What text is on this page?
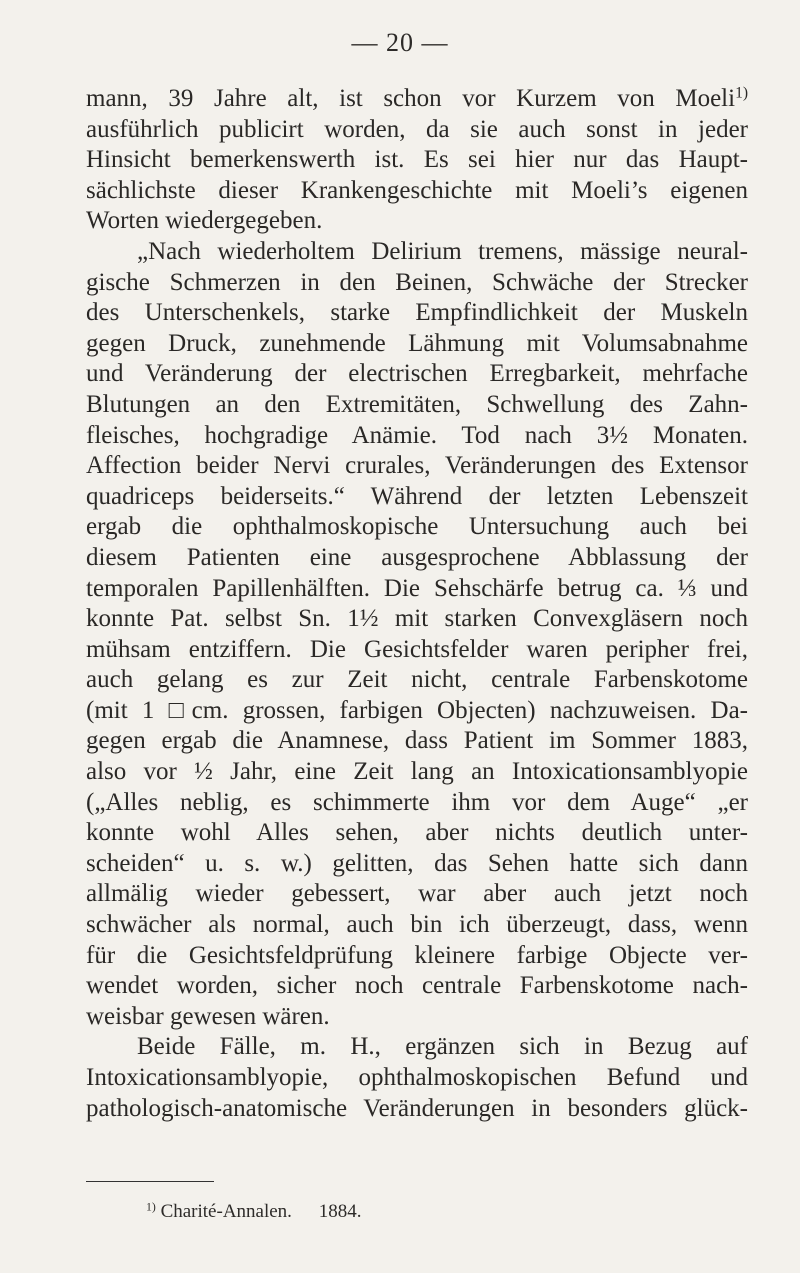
— 20 —
mann, 39 Jahre alt, ist schon vor Kurzem von Moeli$^{1)}$
ausführlich publicirt worden, da sie auch sonst in jeder
Hinsicht bemerkenswerth ist. Es sei hier nur das Haupt-
sächlichste dieser Krankengeschichte mit Moeli’s eigenen
Worten wiedergegeben.
„Nach wiederholtem Delirium tremens, mässige neural-
gische Schmerzen in den Beinen, Schwäche der Strecker
des Unterschenkels, starke Empfindlichkeit der Muskeln
gegen Druck, zunehmende Lähmung mit Volumsabnahme
und Veränderung der electrischen Erregbarkeit, mehrfache
Blutungen an den Extremitäten, Schwellung des Zahn-
fleisches, hochgradige Anämie. Tod nach 3½ Monaten.
Affection beider Nervi crurales, Veränderungen des Extensor
quadriceps beiderseits.“ Während der letzten Lebenszeit
ergab die ophthalmoskopische Untersuchung auch bei
diesem Patienten eine ausgesprochene Abblassung der
temporalen Papillenhälften. Die Sehschärfe betrug ca. ⅓ und
konnte Pat. selbst Sn. 1½ mit starken Convexgläsern noch
mühsam entziffern. Die Gesichtsfelder waren peripher frei,
auch gelang es zur Zeit nicht, centrale Farbenskotome
(mit 1 □cm. grossen, farbigen Objecten) nachzuweisen. Da-
gegen ergab die Anamnese, dass Patient im Sommer 1883,
also vor ½ Jahr, eine Zeit lang an Intoxicationsamblyopie
(„Alles neblig, es schimmerte ihm vor dem Auge“ „er
konnte wohl Alles sehen, aber nichts deutlich unter-
scheiden“ u. s. w.) gelitten, das Sehen hatte sich dann
allmälig wieder gebessert, war aber auch jetzt noch
schwächer als normal, auch bin ich überzeugt, dass, wenn
für die Gesichtsfeldprüfung kleinere farbige Objecte ver-
wendet worden, sicher noch centrale Farbenskotome nach-
weisbar gewesen wären.
Beide Fälle, m. H., ergänzen sich in Bezug auf
Intoxicationsamblyopie, ophthalmoskopischen Befund und
pathologisch-anatomische Veränderungen in besonders glück-
$^{1)}$ Charité-Annalen. 1884.
